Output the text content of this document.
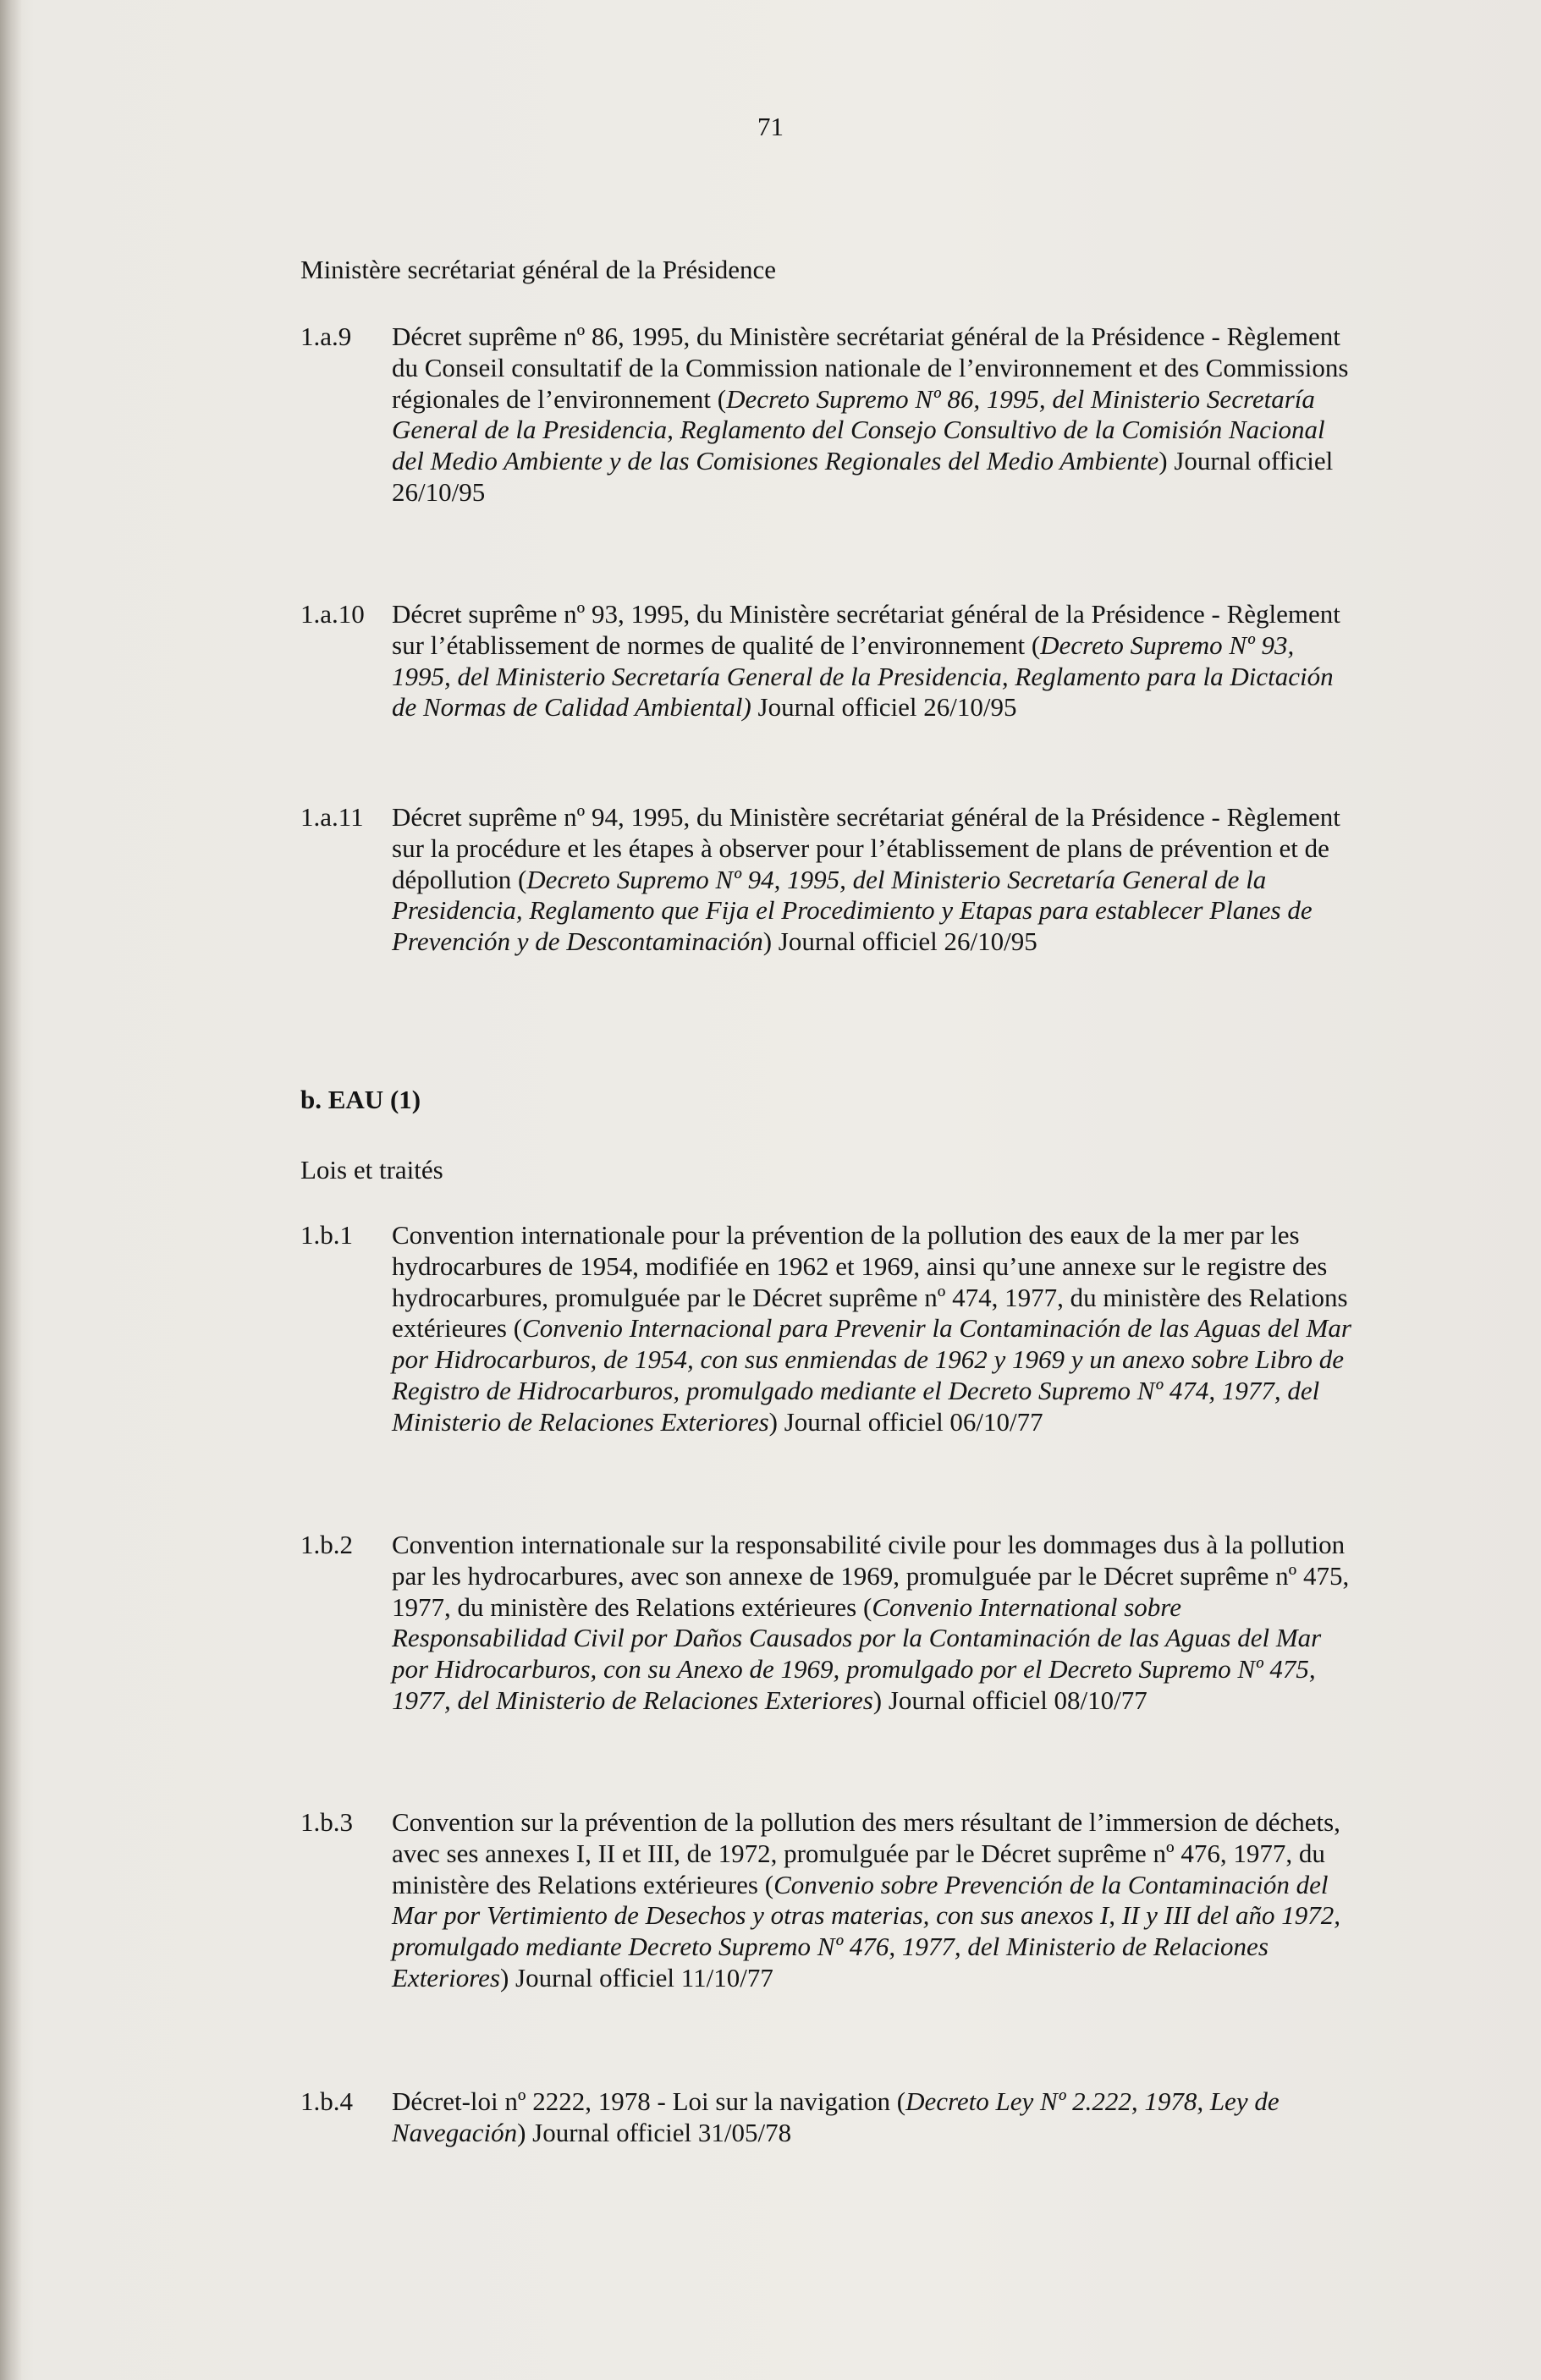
71
Ministère secrétariat général de la Présidence
1.a.9	Décret suprême nº 86, 1995, du Ministère secrétariat général de la Présidence - Règlement du Conseil consultatif de la Commission nationale de l’environnement et des Commissions régionales de l’environnement (Decreto Supremo Nº 86, 1995, del Ministerio Secretaría General de la Presidencia, Reglamento del Consejo Consultivo de la Comisión Nacional del Medio Ambiente y de las Comisiones Regionales del Medio Ambiente) Journal officiel 26/10/95
1.a.10	Décret suprême nº 93, 1995, du Ministère secrétariat général de la Présidence - Règlement sur l’établissement de normes de qualité de l’environnement (Decreto Supremo Nº 93, 1995, del Ministerio Secretaría General de la Presidencia, Reglamento para la Dictación de Normas de Calidad Ambiental) Journal officiel 26/10/95
1.a.11	Décret suprême nº 94, 1995, du Ministère secrétariat général de la Présidence - Règlement sur la procédure et les étapes à observer pour l’établissement de plans de prévention et de dépollution (Decreto Supremo Nº 94, 1995, del Ministerio Secretaría General de la Presidencia, Reglamento que Fija el Procedimiento y Etapas para establecer Planes de Prevención y de Descontaminación) Journal officiel 26/10/95
b. EAU (1)
Lois et traités
1.b.1	Convention internationale pour la prévention de la pollution des eaux de la mer par les hydrocarbures de 1954, modifiée en 1962 et 1969, ainsi qu’une annexe sur le registre des hydrocarbures, promulguée par le Décret suprême nº 474, 1977, du ministère des Relations extérieures (Convenio Internacional para Prevenir la Contaminación de las Aguas del Mar por Hidrocarburos, de 1954, con sus enmiendas de 1962 y 1969 y un anexo sobre Libro de Registro de Hidrocarburos, promulgado mediante el Decreto Supremo Nº 474, 1977, del Ministerio de Relaciones Exteriores) Journal officiel 06/10/77
1.b.2	Convention internationale sur la responsabilité civile pour les dommages dus à la pollution par les hydrocarbures, avec son annexe de 1969, promulguée par le Décret suprême nº 475, 1977, du ministère des Relations extérieures (Convenio International sobre Responsabilidad Civil por Daños Causados por la Contaminación de las Aguas del Mar por Hidrocarburos, con su Anexo de 1969, promulgado por el Decreto Supremo Nº 475, 1977, del Ministerio de Relaciones Exteriores) Journal officiel 08/10/77
1.b.3	Convention sur la prévention de la pollution des mers résultant de l’immersion de déchets, avec ses annexes I, II et III, de 1972, promulguée par le Décret suprême nº 476, 1977, du ministère des Relations extérieures (Convenio sobre Prevención de la Contaminación del Mar por Vertimiento de Desechos y otras materias, con sus anexos I, II y III del año 1972, promulgado mediante Decreto Supremo Nº 476, 1977, del Ministerio de Relaciones Exteriores) Journal officiel 11/10/77
1.b.4	Décret-loi nº 2222, 1978 - Loi sur la navigation (Decreto Ley Nº 2.222, 1978, Ley de Navegación) Journal officiel 31/05/78
